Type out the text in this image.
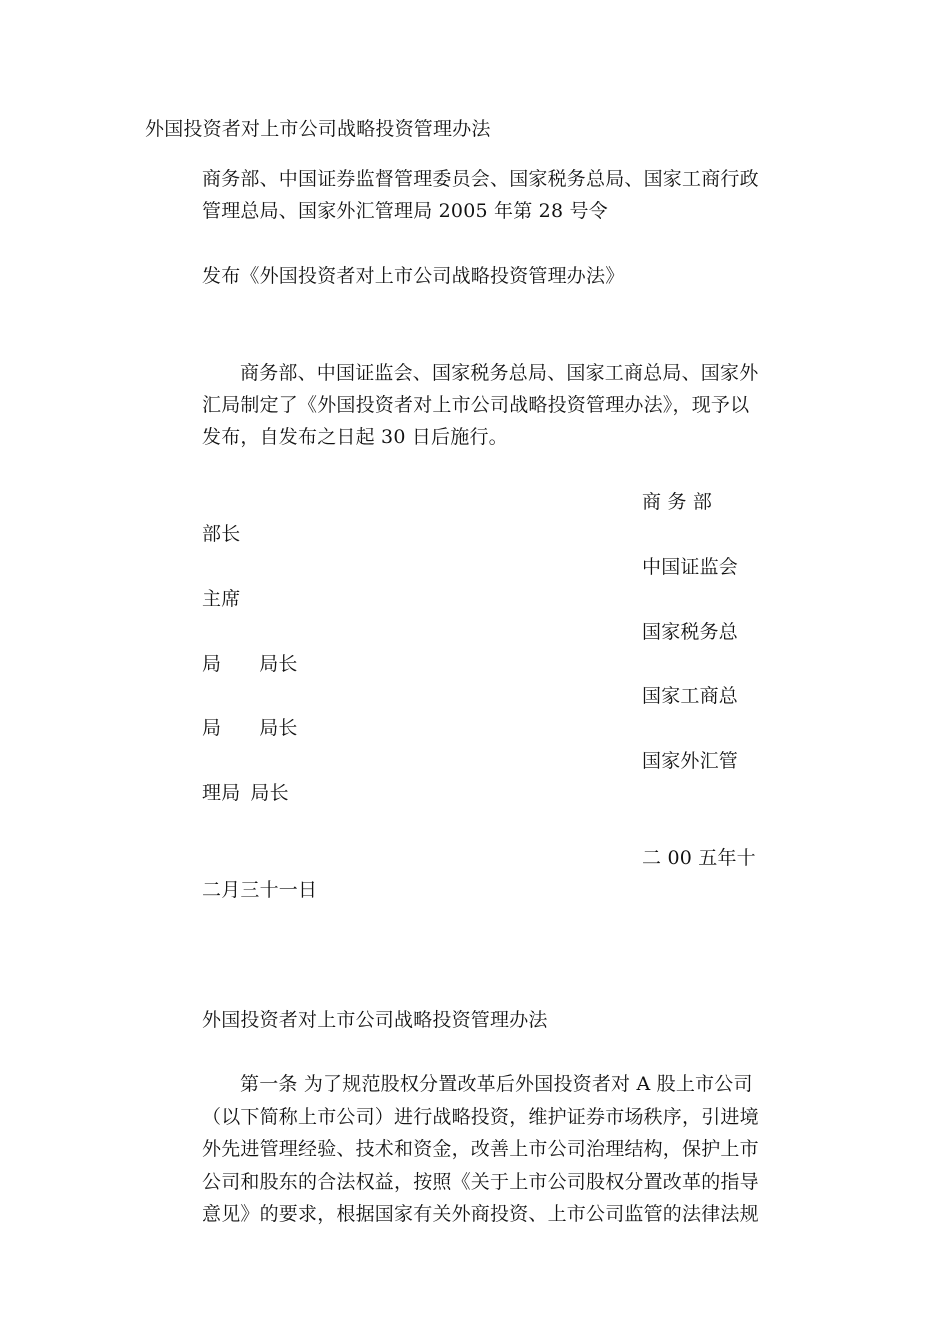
外国投资者对上市公司战略投资管理办法
商务部、中国证券监督管理委员会、国家税务总局、国家工商行政
管理总局、国家外汇管理局 2005 年第 28 号令
发布《外国投资者对上市公司战略投资管理办法》
商务部、中国证监会、国家税务总局、国家工商总局、国家外
汇局制定了《外国投资者对上市公司战略投资管理办法》，现予以
发布，自发布之日起 30 日后施行。
商 务 部
部长
中国证监会
主席
国家税务总
局 局长
国家工商总
局 局长
国家外汇管
理局 局长
二 00 五年十
二月三十一日
外国投资者对上市公司战略投资管理办法
第一条 为了规范股权分置改革后外国投资者对 A 股上市公司
（以下简称上市公司）进行战略投资，维护证券市场秩序，引进境
外先进管理经验、技术和资金，改善上市公司治理结构，保护上市
公司和股东的合法权益，按照《关于上市公司股权分置改革的指导
意见》的要求，根据国家有关外商投资、上市公司监管的法律法规
